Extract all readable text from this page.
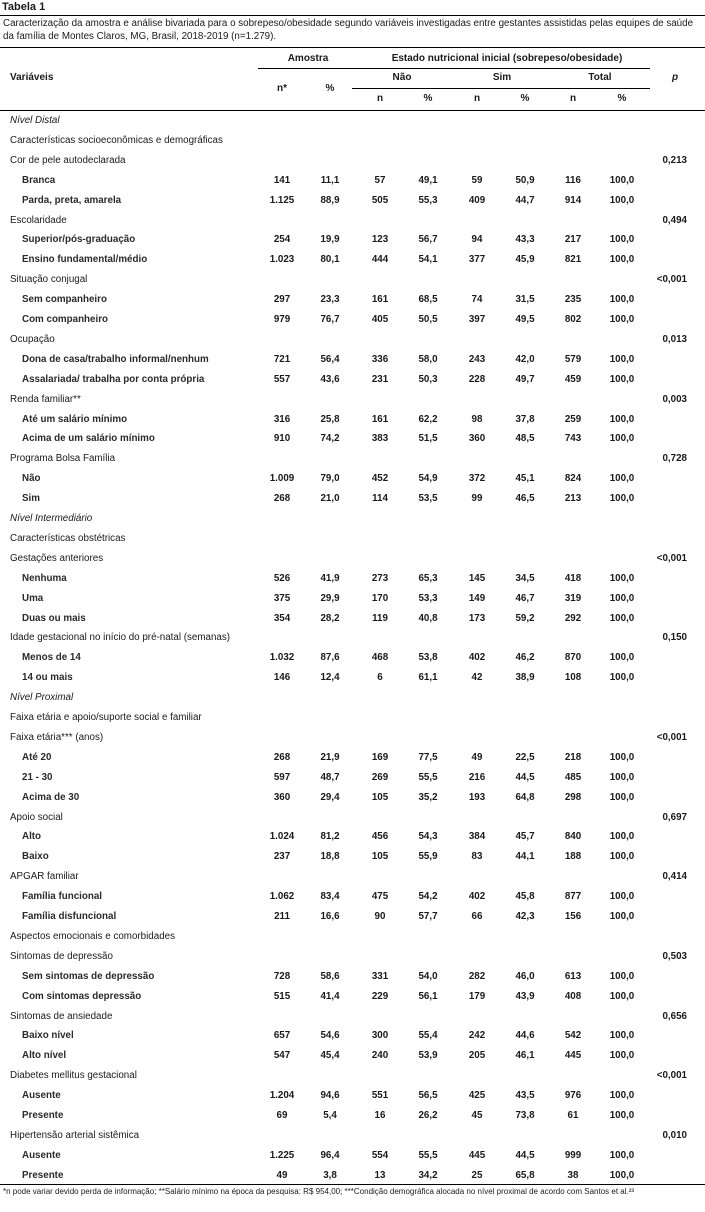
Tabela 1
Caracterização da amostra e análise bivariada para o sobrepeso/obesidade segundo variáveis investigadas entre gestantes assistidas pelas equipes de saúde da família de Montes Claros, MG, Brasil, 2018-2019 (n=1.279).
Variáveis
Amostra	Estado nutricional inicial (sobrepeso/obesidade)
Não	Sim	Total	p
n*	%
n	%	n	%	n	%
Nível Distal
Características socioeconômicas e demográficas
Cor de pele autodeclarada	0,213
Branca	141	11,1	57	49,1	59	50,9	116	100,0
Parda, preta, amarela	1.125	88,9	505	55,3	409	44,7	914	100,0
Escolaridade	0,494
Superior/pós-graduação	254	19,9	123	56,7	94	43,3	217	100,0
Ensino fundamental/médio	1.023	80,1	444	54,1	377	45,9	821	100,0
Situação conjugal	<0,001
Sem companheiro	297	23,3	161	68,5	74	31,5	235	100,0
Com companheiro	979	76,7	405	50,5	397	49,5	802	100,0
Ocupação	0,013
Dona de casa/trabalho informal/nenhum	721	56,4	336	58,0	243	42,0	579	100,0
Assalariada/ trabalha por conta própria	557	43,6	231	50,3	228	49,7	459	100,0
Renda familiar**	0,003
Até um salário mínimo	316	25,8	161	62,2	98	37,8	259	100,0
Acima de um salário mínimo	910	74,2	383	51,5	360	48,5	743	100,0
Programa Bolsa Família	0,728
Não	1.009	79,0	452	54,9	372	45,1	824	100,0
Sim	268	21,0	114	53,5	99	46,5	213	100,0
Nível Intermediário
Características obstétricas
Gestações anteriores	<0,001
Nenhuma	526	41,9	273	65,3	145	34,5	418	100,0
Uma	375	29,9	170	53,3	149	46,7	319	100,0
Duas ou mais	354	28,2	119	40,8	173	59,2	292	100,0
Idade gestacional no início do pré-natal (semanas)	0,150
Menos de 14	1.032	87,6	468	53,8	402	46,2	870	100,0
14 ou mais	146	12,4	6	61,1	42	38,9	108	100,0
Nível Proximal
Faixa etária e apoio/suporte social e familiar
Faixa etária*** (anos)	<0,001
Até 20	268	21,9	169	77,5	49	22,5	218	100,0
21 - 30	597	48,7	269	55,5	216	44,5	485	100,0
Acima de 30	360	29,4	105	35,2	193	64,8	298	100,0
Apoio social	0,697
Alto	1.024	81,2	456	54,3	384	45,7	840	100,0
Baixo	237	18,8	105	55,9	83	44,1	188	100,0
APGAR familiar	0,414
Família funcional	1.062	83,4	475	54,2	402	45,8	877	100,0
Família disfuncional	211	16,6	90	57,7	66	42,3	156	100,0
Aspectos emocionais e comorbidades
Sintomas de depressão	0,503
Sem sintomas de depressão	728	58,6	331	54,0	282	46,0	613	100,0
Com sintomas depressão	515	41,4	229	56,1	179	43,9	408	100,0
Sintomas de ansiedade	0,656
Baixo nível	657	54,6	300	55,4	242	44,6	542	100,0
Alto nível	547	45,4	240	53,9	205	46,1	445	100,0
Diabetes mellitus gestacional	<0,001
Ausente	1.204	94,6	551	56,5	425	43,5	976	100,0
Presente	69	5,4	16	26,2	45	73,8	61	100,0
Hipertensão arterial sistêmica	0,010
Ausente	1.225	96,4	554	55,5	445	44,5	999	100,0
Presente	49	3,8	13	34,2	25	65,8	38	100,0
*n pode variar devido perda de informação; **Salário mínimo na época da pesquisa: R$ 954,00; ***Condição demográfica alocada no nível proximal de acordo com Santos et al.²³
